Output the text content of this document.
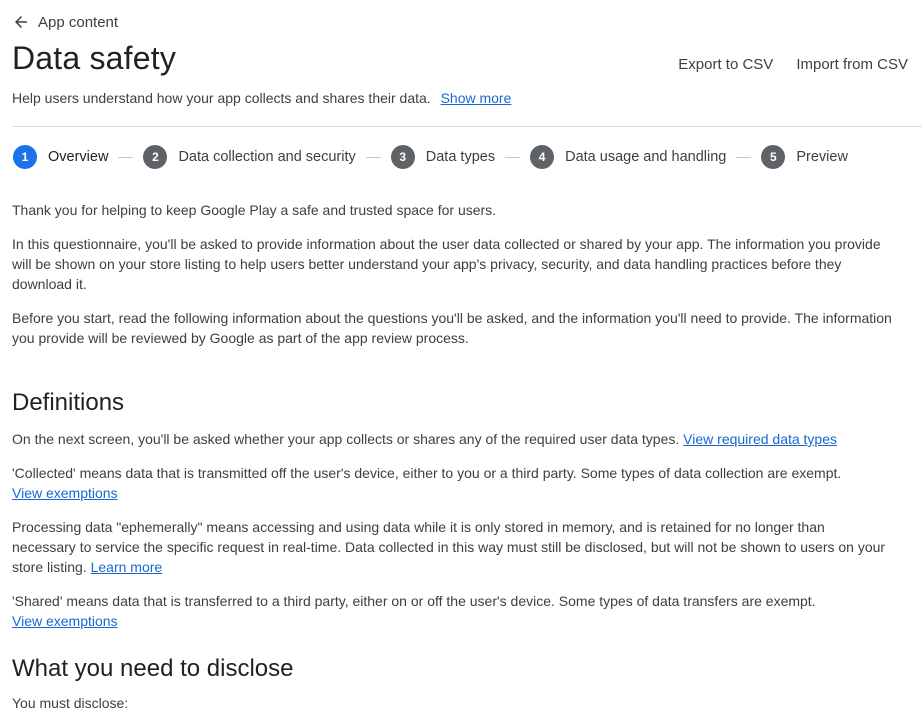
App content
Data safety	Export to CSV Import from CSV
Help users understand how your app collects and shares their data. Show more
1	Overview	2	Data collection and security	3	Data types	4	Data usage and handling	5	Preview

Thank you for helping to keep Google Play a safe and trusted space for users.

In this questionnaire, you'll be asked to provide information about the user data collected or shared by your app. The information you provide will be shown on your store listing to help users better understand your app's privacy, security, and data handling practices before they download it.

Before you start, read the following information about the questions you'll be asked, and the information you'll need to provide. The information you provide will be reviewed by Google as part of the app review process.

Definitions

On the next screen, you'll be asked whether your app collects or shares any of the required user data types. View required data types

'Collected' means data that is transmitted off the user's device, either to you or a third party. Some types of data collection are exempt.
View exemptions

Processing data "ephemerally" means accessing and using data while it is only stored in memory, and is retained for no longer than necessary to service the specific request in real-time. Data collected in this way must still be disclosed, but will not be shown to users on your store listing. Learn more

'Shared' means data that is transferred to a third party, either on or off the user's device. Some types of data transfers are exempt.
View exemptions

What you need to disclose

You must disclose:
